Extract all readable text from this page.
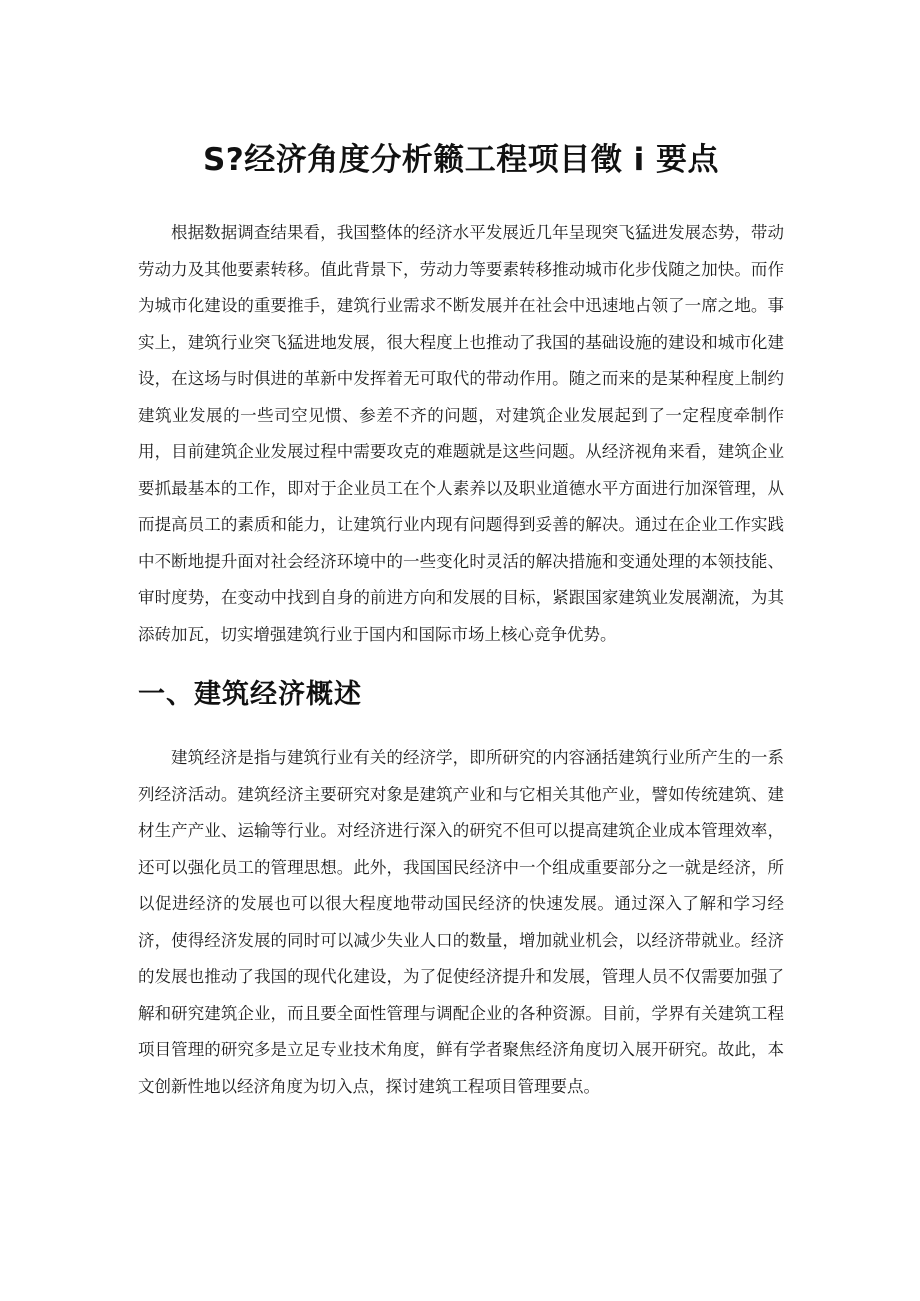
S?经济角度分析籁工程项目徵 i 要点

根据数据调查结果看，我国整体的经济水平发展近几年呈现突飞猛进发展态势，带动劳动力及其他要素转移。值此背景下，劳动力等要素转移推动城市化步伐随之加快。而作为城市化建设的重要推手，建筑行业需求不断发展并在社会中迅速地占领了一席之地。事实上，建筑行业突飞猛进地发展，很大程度上也推动了我国的基础设施的建设和城市化建设，在这场与时俱进的革新中发挥着无可取代的带动作用。随之而来的是某种程度上制约建筑业发展的一些司空见惯、参差不齐的问题，对建筑企业发展起到了一定程度牵制作用，目前建筑企业发展过程中需要攻克的难题就是这些问题。从经济视角来看，建筑企业要抓最基本的工作，即对于企业员工在个人素养以及职业道德水平方面进行加深管理，从而提高员工的素质和能力，让建筑行业内现有问题得到妥善的解决。通过在企业工作实践中不断地提升面对社会经济环境中的一些变化时灵活的解决措施和变通处理的本领技能、审时度势，在变动中找到自身的前进方向和发展的目标，紧跟国家建筑业发展潮流，为其添砖加瓦，切实增强建筑行业于国内和国际市场上核心竞争优势。

一、建筑经济概述

建筑经济是指与建筑行业有关的经济学，即所研究的内容涵括建筑行业所产生的一系列经济活动。建筑经济主要研究对象是建筑产业和与它相关其他产业，譬如传统建筑、建材生产产业、运输等行业。对经济进行深入的研究不但可以提高建筑企业成本管理效率，还可以强化员工的管理思想。此外，我国国民经济中一个组成重要部分之一就是经济，所以促进经济的发展也可以很大程度地带动国民经济的快速发展。通过深入了解和学习经济，使得经济发展的同时可以减少失业人口的数量，增加就业机会，以经济带就业。经济的发展也推动了我国的现代化建设，为了促使经济提升和发展，管理人员不仅需要加强了解和研究建筑企业，而且要全面性管理与调配企业的各种资源。目前，学界有关建筑工程项目管理的研究多是立足专业技术角度，鲜有学者聚焦经济角度切入展开研究。故此，本文创新性地以经济角度为切入点，探讨建筑工程项目管理要点。
